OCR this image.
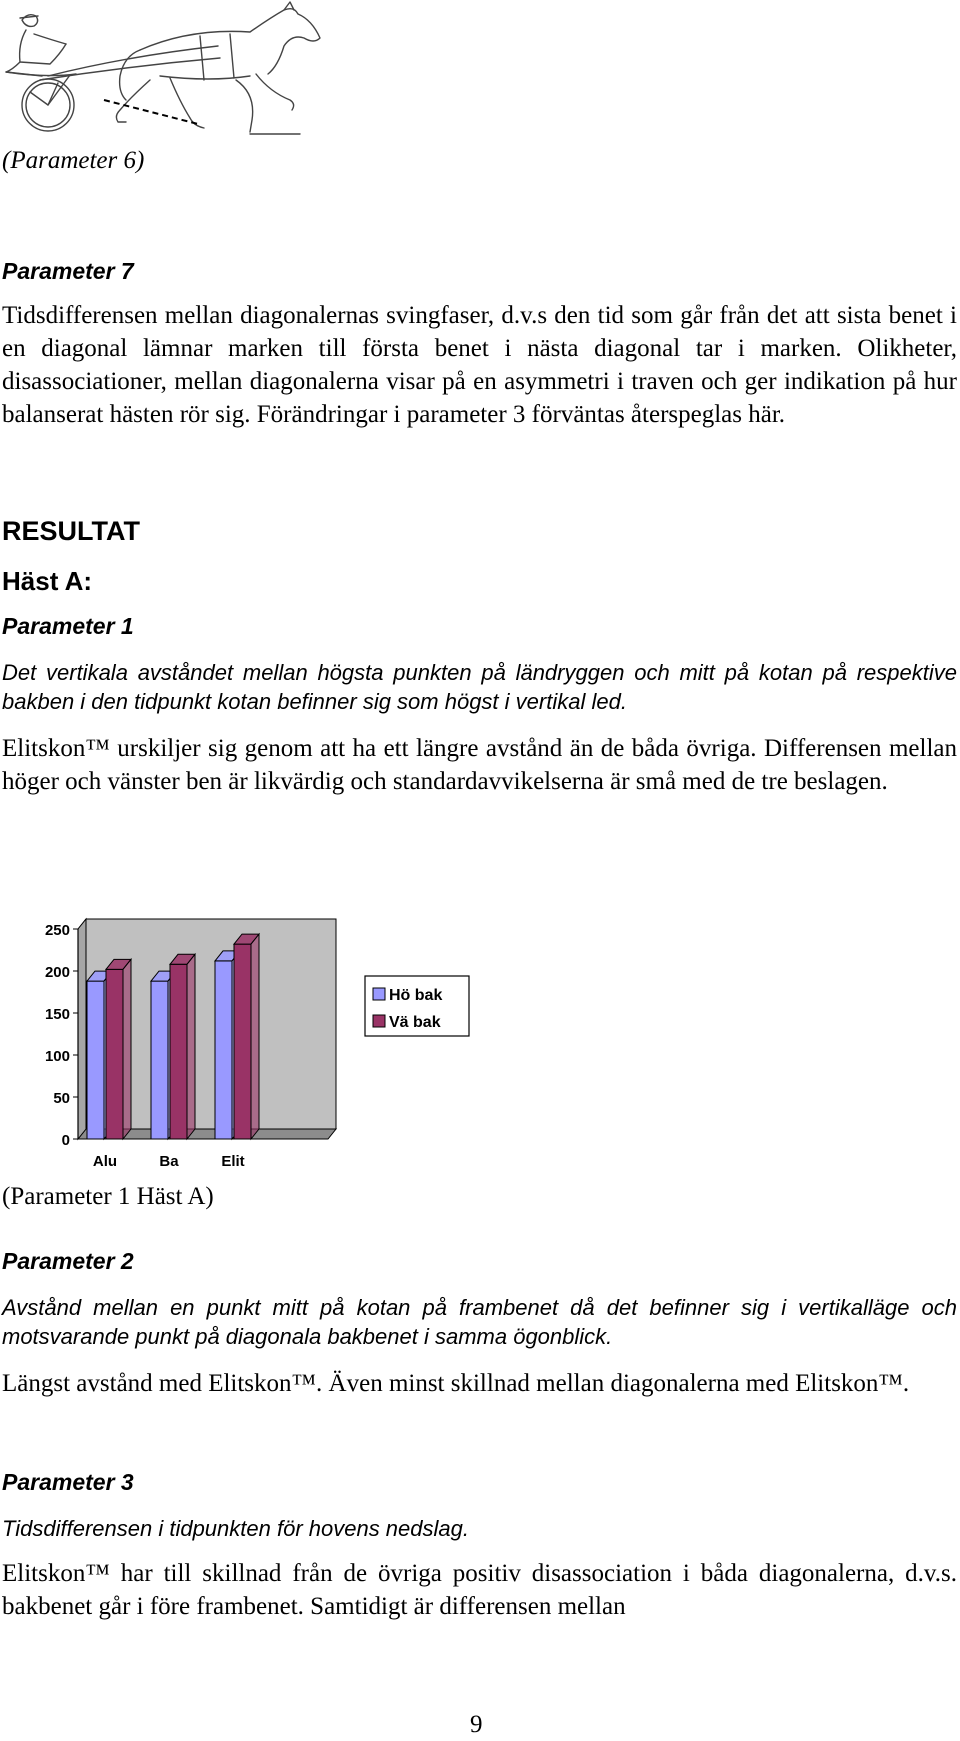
(Parameter 6)
Parameter 7
Tidsdifferensen mellan diagonalernas svingfaser, d.v.s den tid som går från det att sista benet i en diagonal lämnar marken till första benet i nästa diagonal tar i marken. Olikheter, disassociationer, mellan diagonalerna visar på en asymmetri i traven och ger indikation på hur balanserat hästen rör sig. Förändringar i parameter 3 förväntas återspeglas här.
RESULTAT
Häst A:
Parameter 1
Det vertikala avståndet mellan högsta punkten på ländryggen och mitt på kotan på respektive bakben i den tidpunkt kotan befinner sig som högst i vertikal led.
Elitskon™ urskiljer sig genom att ha ett längre avstånd än de båda övriga. Differensen mellan höger och vänster ben är likvärdig och standardavvikelserna är små med de tre beslagen.
0
50
100
150
200
250
Alu	Ba	Elit
Hö bak
Vä bak
(Parameter 1 Häst A)
Parameter 2
Avstånd mellan en punkt mitt på kotan på frambenet då det befinner sig i vertikalläge och motsvarande punkt på diagonala bakbenet i samma ögonblick.
Längst avstånd med Elitskon™. Även minst skillnad mellan diagonalerna med Elitskon™.
Parameter 3
Tidsdifferensen i tidpunkten för hovens nedslag.
Elitskon™ har till skillnad från de övriga positiv disassociation i båda diagonalerna, d.v.s. bakbenet går i före frambenet. Samtidigt är differensen mellan
9
